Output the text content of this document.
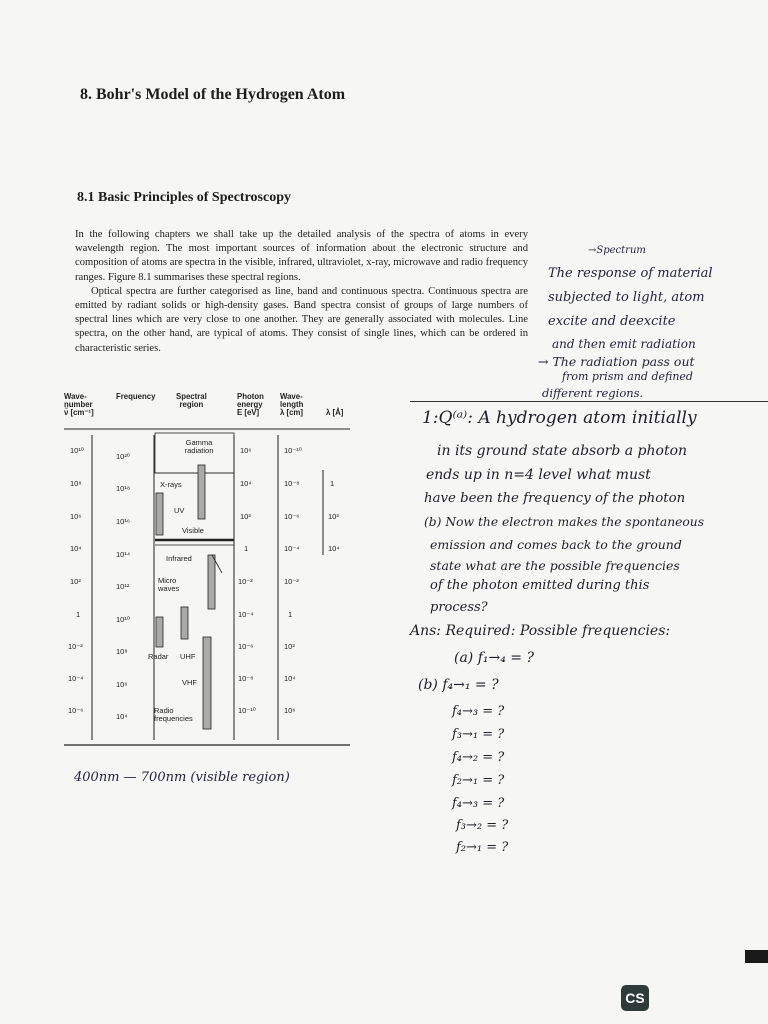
8. Bohr's Model of the Hydrogen Atom
8.1 Basic Principles of Spectroscopy

In the following chapters we shall take up the detailed analysis of the spectra of atoms in every wavelength region. The most important sources of information about the electronic structure and composition of atoms are spectra in the visible, infrared, ultraviolet, x-ray, microwave and radio frequency ranges. Figure 8.1 summarises these spectral regions.

Optical spectra are further categorised as line, band and continuous spectra. Continuous spectra are emitted by radiant solids or high-density gases. Band spectra consist of groups of large numbers of spectral lines which are very close to one another. They are generally associated with molecules. Line spectra, on the other hand, are typical of atoms. They consist of single lines, which can be ordered in characteristic series.

Wave-
number
ν̃ [cm⁻¹]
Frequency	Spectral
region
Photon
energy
E [eV]
Wave-
length
λ [cm]	λ [Å]
10¹⁰
10⁸
10⁶
10⁴
10²
1
10⁻²
10⁻⁴
10⁻⁶
10²⁰
10¹⁸
10¹⁶
10¹⁴
10¹²
10¹⁰
10⁸
10⁶
10⁴
Gamma radiation
X-rays
UV
Visible
Infrared
Micro waves
Radar UHF
VHF
Radio frequencies
10⁶
10⁴
10²
1
10⁻²
10⁻⁴
10⁻⁶
10⁻⁸
10⁻¹⁰
10⁻¹⁰
10⁻⁸
10⁻⁶
10⁻⁴
10⁻²
1
10²
10⁴
10⁶
1
10²
10⁴
→Spectrum
The response of material
subjected to light, atom
excite and deexcite
and then emit radiation
→ The radiation pass out
from prism and defined
different regions.
1:Q⁽ᵃ⁾: A hydrogen atom initially
in its ground state absorb a photon
ends up in n=4 level what must
have been the frequency of the photon
(b) Now the electron makes the spontaneous
emission and comes back to the ground
state what are the possible frequencies
of the photon emitted during this
process?
Ans: Required: Possible frequencies:
(a) f₁→₄ = ?
(b) f₄→₁ = ?
f₄→₃ = ?
f₃→₁ = ?
f₄→₂ = ?
f₂→₁ = ?
f₄→₃ = ?
f₃→₂ = ?
f₂→₁ = ?
400nm — 700nm (visible region)
CS
